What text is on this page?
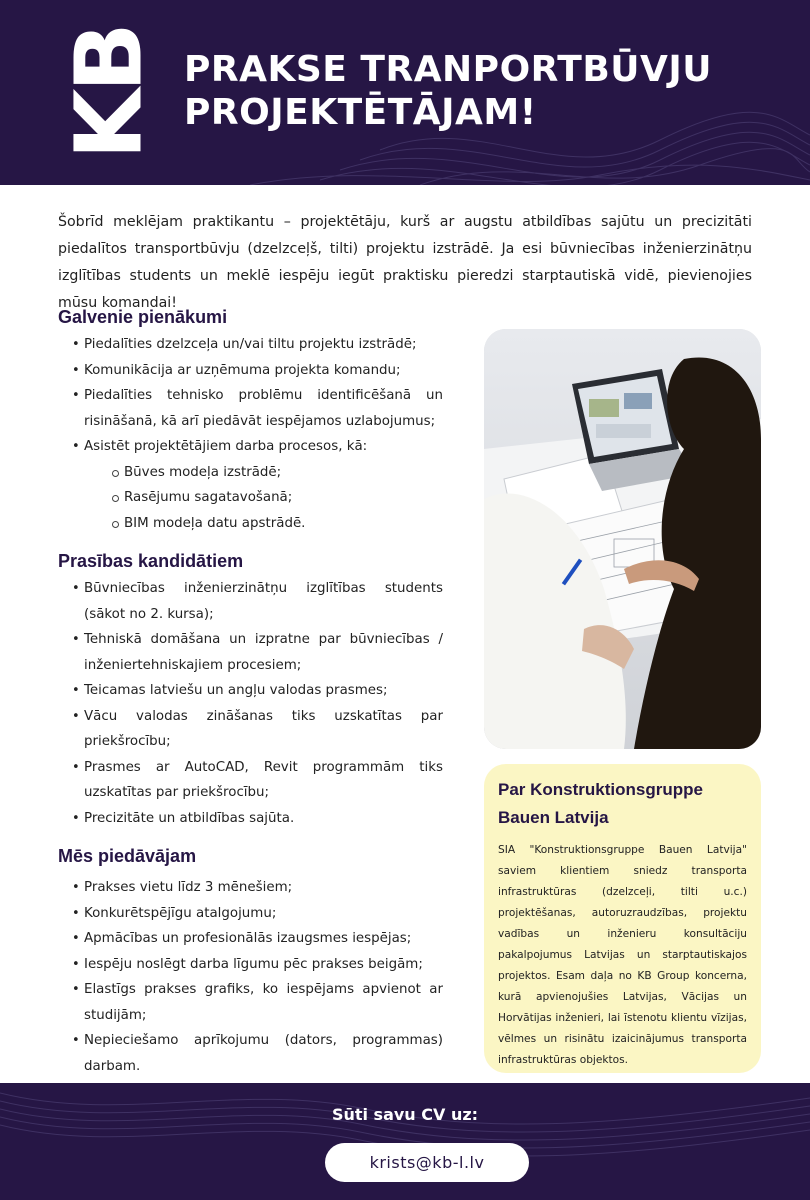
KB PRAKSE TRANPORTBŪVJU PROJEKTĒTĀJAM!

Šobrīd meklējam praktikantu – projektētāju, kurš ar augstu atbildības sajūtu un precizitāti piedalītos transportbūvju (dzelzceļš, tilti) projektu izstrādē. Ja esi būvniecības inženierzinātņu izglītības students un meklē iespēju iegūt praktisku pieredzi starptautiskā vidē, pievienojies mūsu komandai!

Galvenie pienākumi
• Piedalīties dzelzceļa un/vai tiltu projektu izstrādē;
• Komunikācija ar uzņēmuma projekta komandu;
• Piedalīties tehnisko problēmu identificēšanā un risināšanā, kā arī piedāvāt iespējamos uzlabojumus;
• Asistēt projektētājiem darba procesos, kā:
Būves modeļa izstrādē;
Rasējumu sagatavošanā;
BIM modeļa datu apstrādē.
Prasības kandidātiem
• Būvniecības inženierzinātņu izglītības students (sākot no 2. kursa);
• Tehniskā domāšana un izpratne par būvniecības / inženiertehniskajiem procesiem;
• Teicamas latviešu un angļu valodas prasmes;
• Vācu valodas zināšanas tiks uzskatītas par priekšrocību;
• Prasmes ar AutoCAD, Revit programmām tiks uzskatītas par priekšrocību;
• Precizitāte un atbildības sajūta.
Mēs piedāvājam
• Prakses vietu līdz 3 mēnešiem;
• Konkurētspējīgu atalgojumu;
• Apmācības un profesionālās izaugsmes iespējas;
• Iespēju noslēgt darba līgumu pēc prakses beigām;
• Elastīgs prakses grafiks, ko iespējams apvienot ar studijām;
• Nepieciešamo aprīkojumu (dators, programmas) darbam.
Par Konstruktionsgruppe Bauen Latvija

SIA "Konstruktionsgruppe Bauen Latvija" saviem klientiem sniedz transporta infrastruktūras (dzelzceļi, tilti u.c.) projektēšanas, autoruzraudzības, projektu vadības un inženieru konsultāciju pakalpojumus Latvijas un starptautiskajos projektos. Esam daļa no KB Group koncerna, kurā apvienojušies Latvijas, Vācijas un Horvātijas inženieri, lai īstenotu klientu vīzijas, vēlmes un risinātu izaicinājumus transporta infrastruktūras objektos.

Sūti savu CV uz:
krists@kb-l.lv
